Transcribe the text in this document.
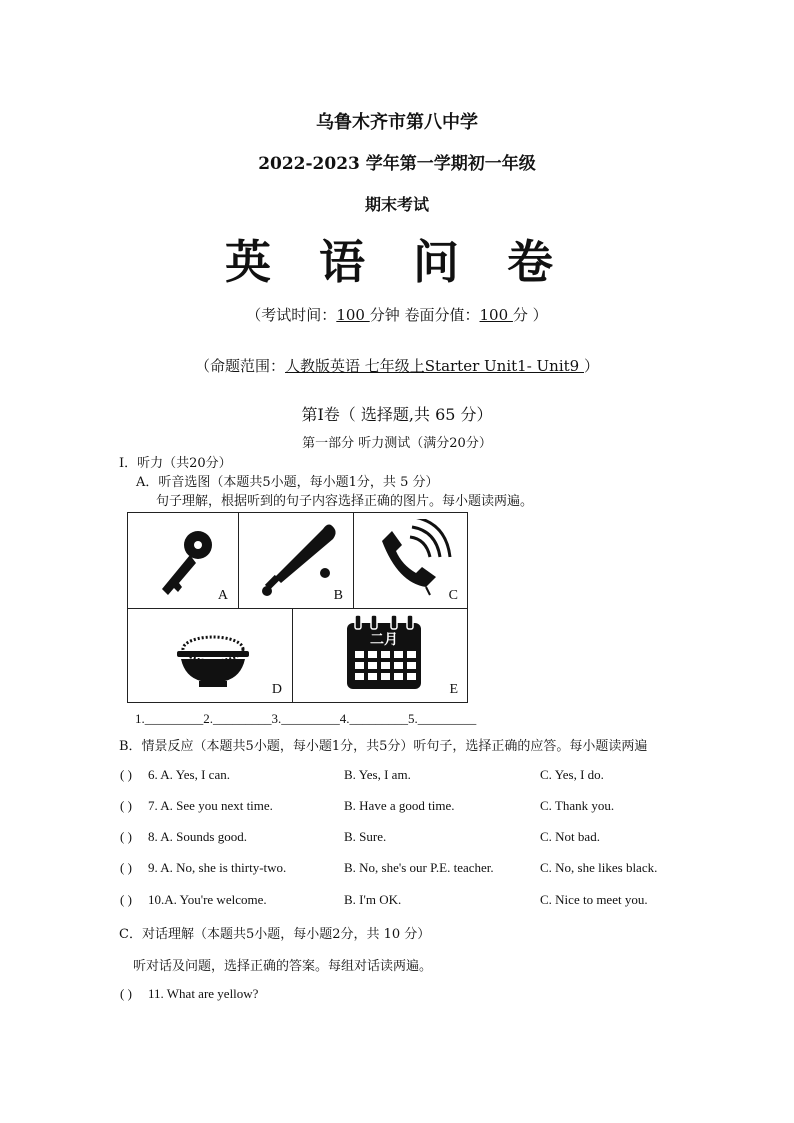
乌鲁木齐市第八中学
2022-2023 学年第一学期初一年级
期末考试
英 语 问 卷
（考试时间：100 分钟 卷面分值：100 分 ）
（命题范围：人教版英语 七年级上Starter Unit1- Unit9 ）
第Ⅰ卷（ 选择题,共 65 分）
第一部分 听力测试（满分20分）
I．听力（共20分）
A．听音选图（本题共5小题，每小题1分，共 5 分）
句子理解，根据听到的句子内容选择正确的图片。每小题读两遍。
A	B	C
D
二月
E
1._________2._________3._________4._________5._________
B．情景反应（本题共5小题，每小题1分，共5分）听句子，选择正确的应答。每小题读两遍
( ) 6. A. Yes, I can.	B. Yes, I am.	C. Yes, I do.
( ) 7. A. See you next time.	B. Have a good time.	C. Thank you.
( ) 8. A. Sounds good.	B. Sure.	C. Not bad.
( ) 9. A. No, she is thirty-two.	B. No, she's our P.E. teacher.	C. No, she likes black.
( ) 10.A. You're welcome.	B. I'm OK.	C. Nice to meet you.
C．对话理解（本题共5小题，每小题2分，共 10 分）
听对话及问题，选择正确的答案。每组对话读两遍。
( ) 11. What are yellow?
